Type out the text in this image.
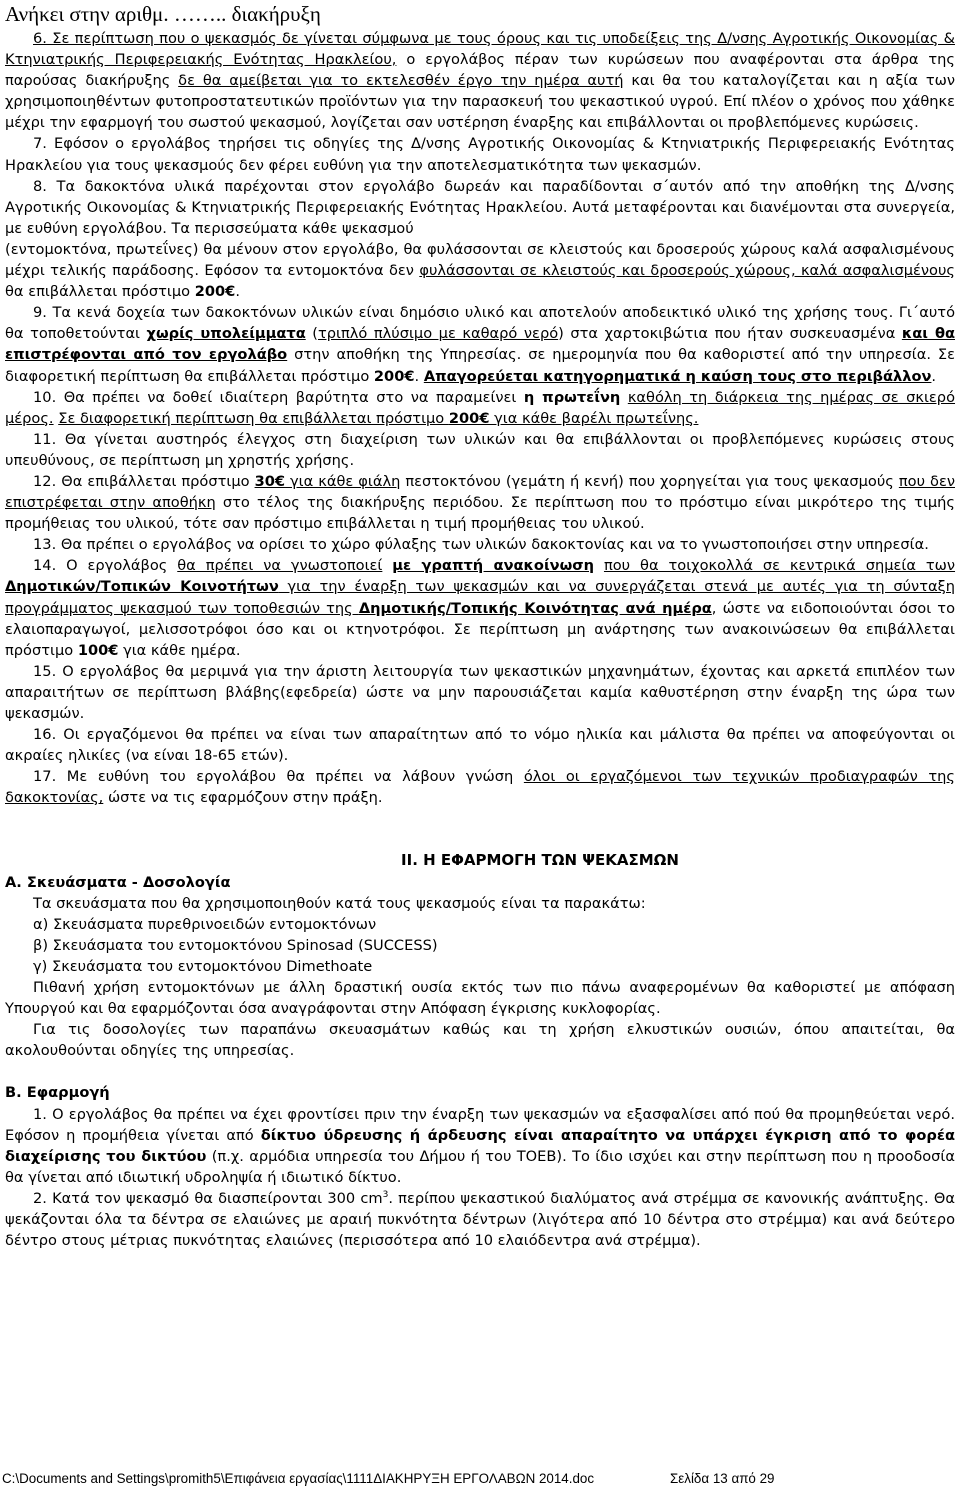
Ανήκει στην αριθμ. …….. διακήρυξη

6. Σε περίπτωση που ο ψεκασμός δε γίνεται σύμφωνα με τους όρους και τις υποδείξεις της Δ/νσης Αγροτικής Οικονομίας & Κτηνιατρικής Περιφερειακής Ενότητας Ηρακλείου, ο εργολάβος πέραν των κυρώσεων που αναφέρονται στα άρθρα της παρούσας διακήρυξης δε θα αμείβεται για το εκτελεσθέν έργο την ημέρα αυτή και θα του καταλογίζεται και η αξία των χρησιμοποιηθέντων φυτοπροστατευτικών προϊόντων για την παρασκευή του ψεκαστικού υγρού. Επί πλέον ο χρόνος που χάθηκε μέχρι την εφαρμογή του σωστού ψεκασμού, λογίζεται σαν υστέρηση έναρξης και επιβάλλονται οι προβλεπόμενες κυρώσεις.

7. Εφόσον ο εργολάβος τηρήσει τις οδηγίες της Δ/νσης Αγροτικής Οικονομίας & Κτηνιατρικής Περιφερειακής Ενότητας Ηρακλείου για τους ψεκασμούς δεν φέρει ευθύνη για την αποτελεσματικότητα των ψεκασμών.

8. Τα δακοκτόνα υλικά παρέχονται στον εργολάβο δωρεάν και παραδίδονται σ΄αυτόν από την αποθήκη της Δ/νσης Αγροτικής Οικονομίας & Κτηνιατρικής Περιφερειακής Ενότητας Ηρακλείου. Αυτά μεταφέρονται και διανέμονται στα συνεργεία, με ευθύνη εργολάβου. Τα περισσεύματα κάθε ψεκασμού
(εντομοκτόνα, πρωτεΐνες) θα μένουν στον εργολάβο, θα φυλάσσονται σε κλειστούς και δροσερούς χώρους καλά ασφαλισμένους μέχρι τελικής παράδοσης. Εφόσον τα εντομοκτόνα δεν φυλάσσονται σε κλειστούς και δροσερούς χώρους, καλά ασφαλισμένους θα επιβάλλεται πρόστιμο 200€.

9. Τα κενά δοχεία των δακοκτόνων υλικών είναι δημόσιο υλικό και αποτελούν αποδεικτικό υλικό της χρήσης τους. Γι΄αυτό θα τοποθετούνται χωρίς υπολείμματα (τριπλό πλύσιμο με καθαρό νερό) στα χαρτοκιβώτια που ήταν συσκευασμένα και θα επιστρέφονται από τον εργολάβο στην αποθήκη της Υπηρεσίας. σε ημερομηνία που θα καθοριστεί από την υπηρεσία. Σε διαφορετική περίπτωση θα επιβάλλεται πρόστιμο 200€. Απαγορεύεται κατηγορηματικά η καύση τους στο περιβάλλον.

10. Θα πρέπει να δοθεί ιδιαίτερη βαρύτητα στο να παραμείνει η πρωτεΐνη καθόλη τη διάρκεια της ημέρας σε σκιερό μέρος. Σε διαφορετική περίπτωση θα επιβάλλεται πρόστιμο 200€ για κάθε βαρέλι πρωτεΐνης.

11. Θα γίνεται αυστηρός έλεγχος στη διαχείριση των υλικών και θα επιβάλλονται οι προβλεπόμενες κυρώσεις στους υπευθύνους, σε περίπτωση μη χρηστής χρήσης.

12. Θα επιβάλλεται πρόστιμο 30€ για κάθε φιάλη πεστοκτόνου (γεμάτη ή κενή) που χορηγείται για τους ψεκασμούς που δεν επιστρέφεται στην αποθήκη στο τέλος της διακήρυξης περιόδου. Σε περίπτωση που το πρόστιμο είναι μικρότερο της τιμής προμήθειας του υλικού, τότε σαν πρόστιμο επιβάλλεται η τιμή προμήθειας του υλικού.

13. Θα πρέπει ο εργολάβος να ορίσει το χώρο φύλαξης των υλικών δακοκτονίας και να το γνωστοποιήσει στην υπηρεσία.

14. Ο εργολάβος θα πρέπει να γνωστοποιεί με γραπτή ανακοίνωση που θα τοιχοκολλά σε κεντρικά σημεία των Δημοτικών/Τοπικών Κοινοτήτων για την έναρξη των ψεκασμών και να συνεργάζεται στενά με αυτές για τη σύνταξη προγράμματος ψεκασμού των τοποθεσιών της Δημοτικής/Τοπικής Κοινότητας ανά ημέρα, ώστε να ειδοποιούνται όσοι το ελαιοπαραγωγοί, μελισσοτρόφοι όσο και οι κτηνοτρόφοι. Σε περίπτωση μη ανάρτησης των ανακοινώσεων θα επιβάλλεται πρόστιμο 100€ για κάθε ημέρα.

15. Ο εργολάβος θα μεριμνά για την άριστη λειτουργία των ψεκαστικών μηχανημάτων, έχοντας και αρκετά επιπλέον των απαραιτήτων σε περίπτωση βλάβης(εφεδρεία) ώστε να μην παρουσιάζεται καμία καθυστέρηση στην έναρξη της ώρα των ψεκασμών.

16. Οι εργαζόμενοι θα πρέπει να είναι των απαραίτητων από το νόμο ηλικία και μάλιστα θα πρέπει να αποφεύγονται οι ακραίες ηλικίες (να είναι 18-65 ετών).

17. Με ευθύνη του εργολάβου θα πρέπει να λάβουν γνώση όλοι οι εργαζόμενοι των τεχνικών προδιαγραφών της δακοκτονίας, ώστε να τις εφαρμόζουν στην πράξη.

ΙΙ. Η ΕΦΑΡΜΟΓΗ ΤΩΝ ΨΕΚΑΣΜΩΝ

Α. Σκευάσματα - Δοσολογία

Τα σκευάσματα που θα χρησιμοποιηθούν κατά τους ψεκασμούς είναι τα παρακάτω:

α) Σκευάσματα πυρεθρινοειδών εντομοκτόνων

β) Σκευάσματα του εντομοκτόνου Spinosad (SUCCESS)

γ) Σκευάσματα του εντομοκτόνου Dimethoate

Πιθανή χρήση εντομοκτόνων με άλλη δραστική ουσία εκτός των πιο πάνω αναφερομένων θα καθοριστεί με απόφαση Υπουργού και θα εφαρμόζονται όσα αναγράφονται στην Απόφαση έγκρισης κυκλοφορίας.

Για τις δοσολογίες των παραπάνω σκευασμάτων καθώς και τη χρήση ελκυστικών ουσιών, όπου απαιτείται, θα ακολουθούνται οδηγίες της υπηρεσίας.

Β. Εφαρμογή

1. Ο εργολάβος θα πρέπει να έχει φροντίσει πριν την έναρξη των ψεκασμών να εξασφαλίσει από πού θα προμηθεύεται νερό. Εφόσον η προμήθεια γίνεται από δίκτυο ύδρευσης ή άρδευσης είναι απαραίτητο να υπάρχει έγκριση από το φορέα διαχείρισης του δικτύου (π.χ. αρμόδια υπηρεσία του Δήμου ή του ΤΟΕΒ). Το ίδιο ισχύει και στην περίπτωση που η προοδοσία θα γίνεται από ιδιωτική υδροληψία ή ιδιωτικό δίκτυο.

2. Κατά τον ψεκασμό θα διασπείρονται 300 $cm^3$. περίπου ψεκαστικού διαλύματος ανά στρέμμα σε κανονικής ανάπτυξης. Θα ψεκάζονται όλα τα δέντρα σε ελαιώνες με αραιή πυκνότητα δέντρων (λιγότερα από 10 δέντρα στο στρέμμα) και ανά δεύτερο δέντρο στους μέτριας πυκνότητας ελαιώνες (περισσότερα από 10 ελαιόδεντρα ανά στρέμμα).

C:\Documents and Settings\promith5\Επιφάνεια εργασίας\1111ΔΙΑΚΗΡΥΞΗ ΕΡΓΟΛΑΒΩΝ 2014.doc	Σελίδα 13 από 29
